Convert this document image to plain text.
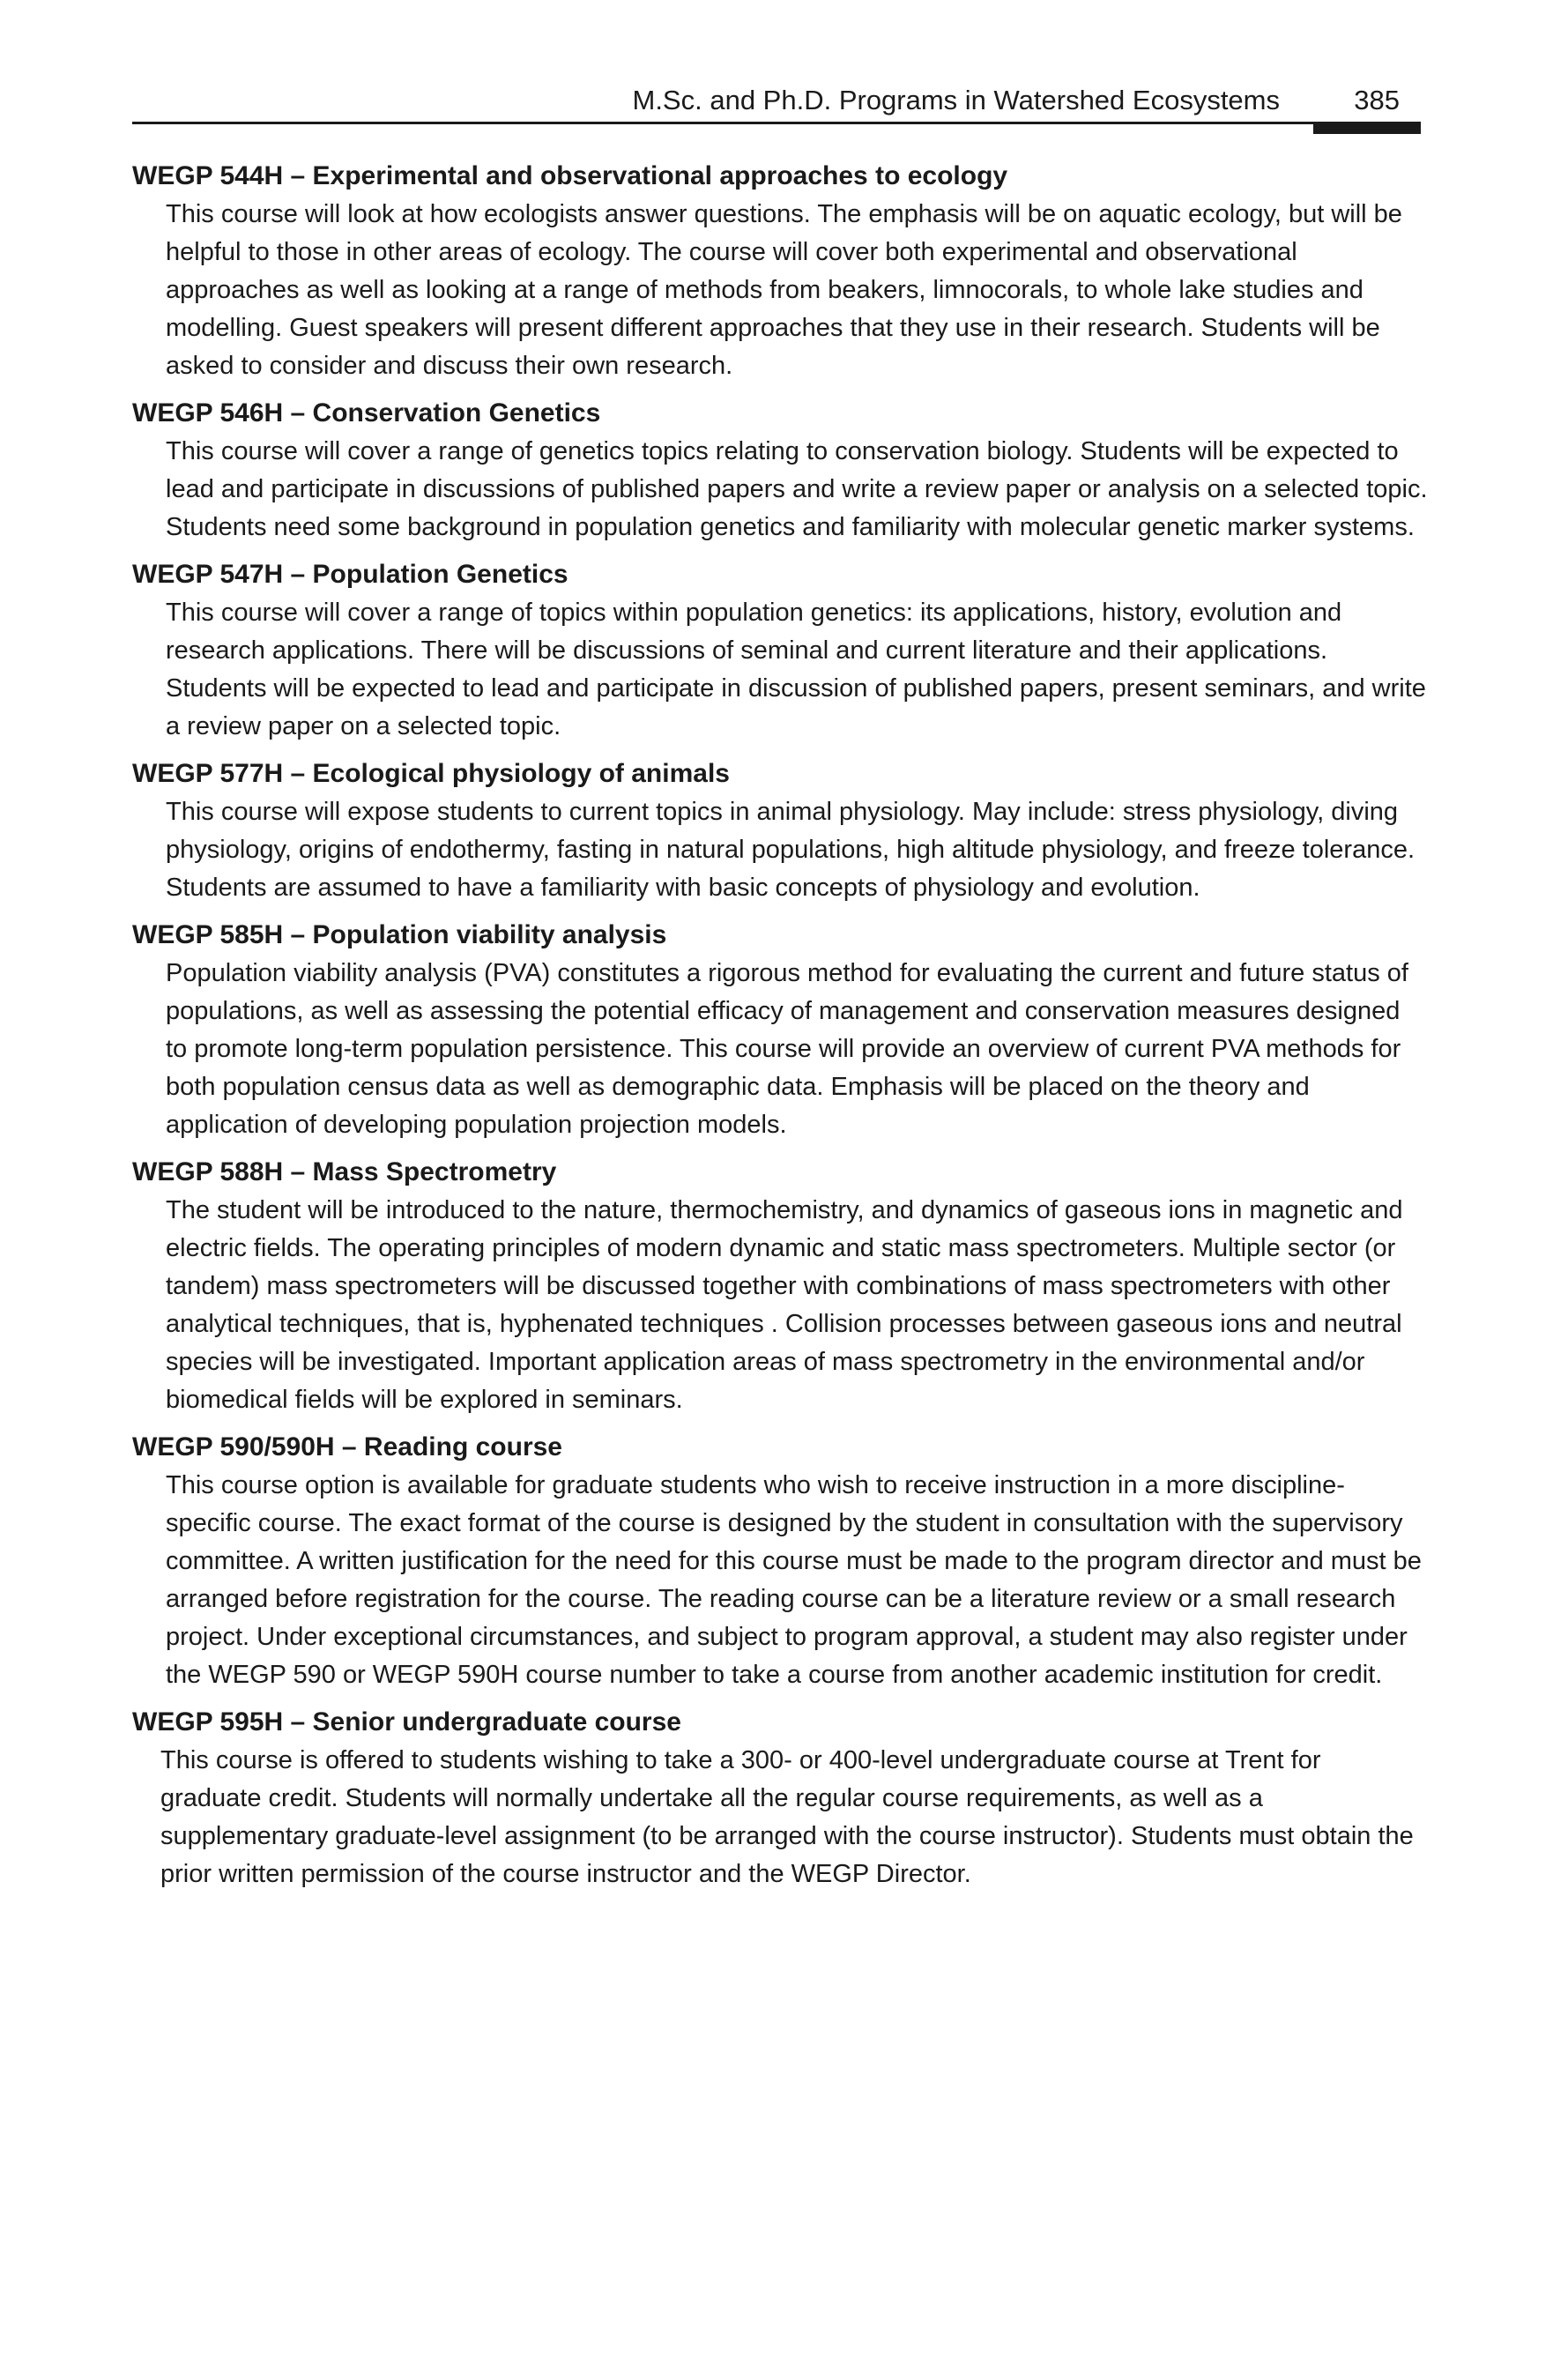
M.Sc. and Ph.D. Programs in Watershed Ecosystems	385

WEGP 544H – Experimental and observational approaches to ecology

This course will look at how ecologists answer questions. The emphasis will be on aquatic ecology, but will be helpful to those in other areas of ecology. The course will cover both experimental and observational approaches as well as looking at a range of methods from beakers, limnocorals, to whole lake studies and modelling. Guest speakers will present different approaches that they use in their research. Students will be asked to consider and discuss their own research.

WEGP 546H – Conservation Genetics

This course will cover a range of genetics topics relating to conservation biology. Students will be expected to lead and participate in discussions of published papers and write a review paper or analysis on a selected topic. Students need some background in population genetics and familiarity with molecular genetic marker systems.

WEGP 547H – Population Genetics

This course will cover a range of topics within population genetics: its applications, history, evolution and research applications. There will be discussions of seminal and current literature and their applications. Students will be expected to lead and participate in discussion of published papers, present seminars, and write a review paper on a selected topic.

WEGP 577H – Ecological physiology of animals

This course will expose students to current topics in animal physiology. May include: stress physiology, diving physiology, origins of endothermy, fasting in natural populations, high altitude physiology, and freeze tolerance. Students are assumed to have a familiarity with basic concepts of physiology and evolution.

WEGP 585H – Population viability analysis

Population viability analysis (PVA) constitutes a rigorous method for evaluating the current and future status of populations, as well as assessing the potential efficacy of management and conservation measures designed to promote long-term population persistence. This course will provide an overview of current PVA methods for both population census data as well as demographic data. Emphasis will be placed on the theory and application of developing population projection models.

WEGP 588H – Mass Spectrometry

The student will be introduced to the nature, thermochemistry, and dynamics of gaseous ions in magnetic and electric fields. The operating principles of modern dynamic and static mass spectrometers. Multiple sector (or tandem) mass spectrometers will be discussed together with combinations of mass spectrometers with other analytical techniques, that is, hyphenated techniques . Collision processes between gaseous ions and neutral species will be investigated. Important application areas of mass spectrometry in the environmental and/or biomedical fields will be explored in seminars.

WEGP 590/590H – Reading course

This course option is available for graduate students who wish to receive instruction in a more discipline-specific course. The exact format of the course is designed by the student in consultation with the supervisory committee. A written justification for the need for this course must be made to the program director and must be arranged before registration for the course. The reading course can be a literature review or a small research project. Under exceptional circumstances, and subject to program approval, a student may also register under the WEGP 590 or WEGP 590H course number to take a course from another academic institution for credit.

WEGP 595H – Senior undergraduate course

This course is offered to students wishing to take a 300- or 400-level undergraduate course at Trent for graduate credit. Students will normally undertake all the regular course requirements, as well as a supplementary graduate-level assignment (to be arranged with the course instructor). Students must obtain the prior written permission of the course instructor and the WEGP Director.
